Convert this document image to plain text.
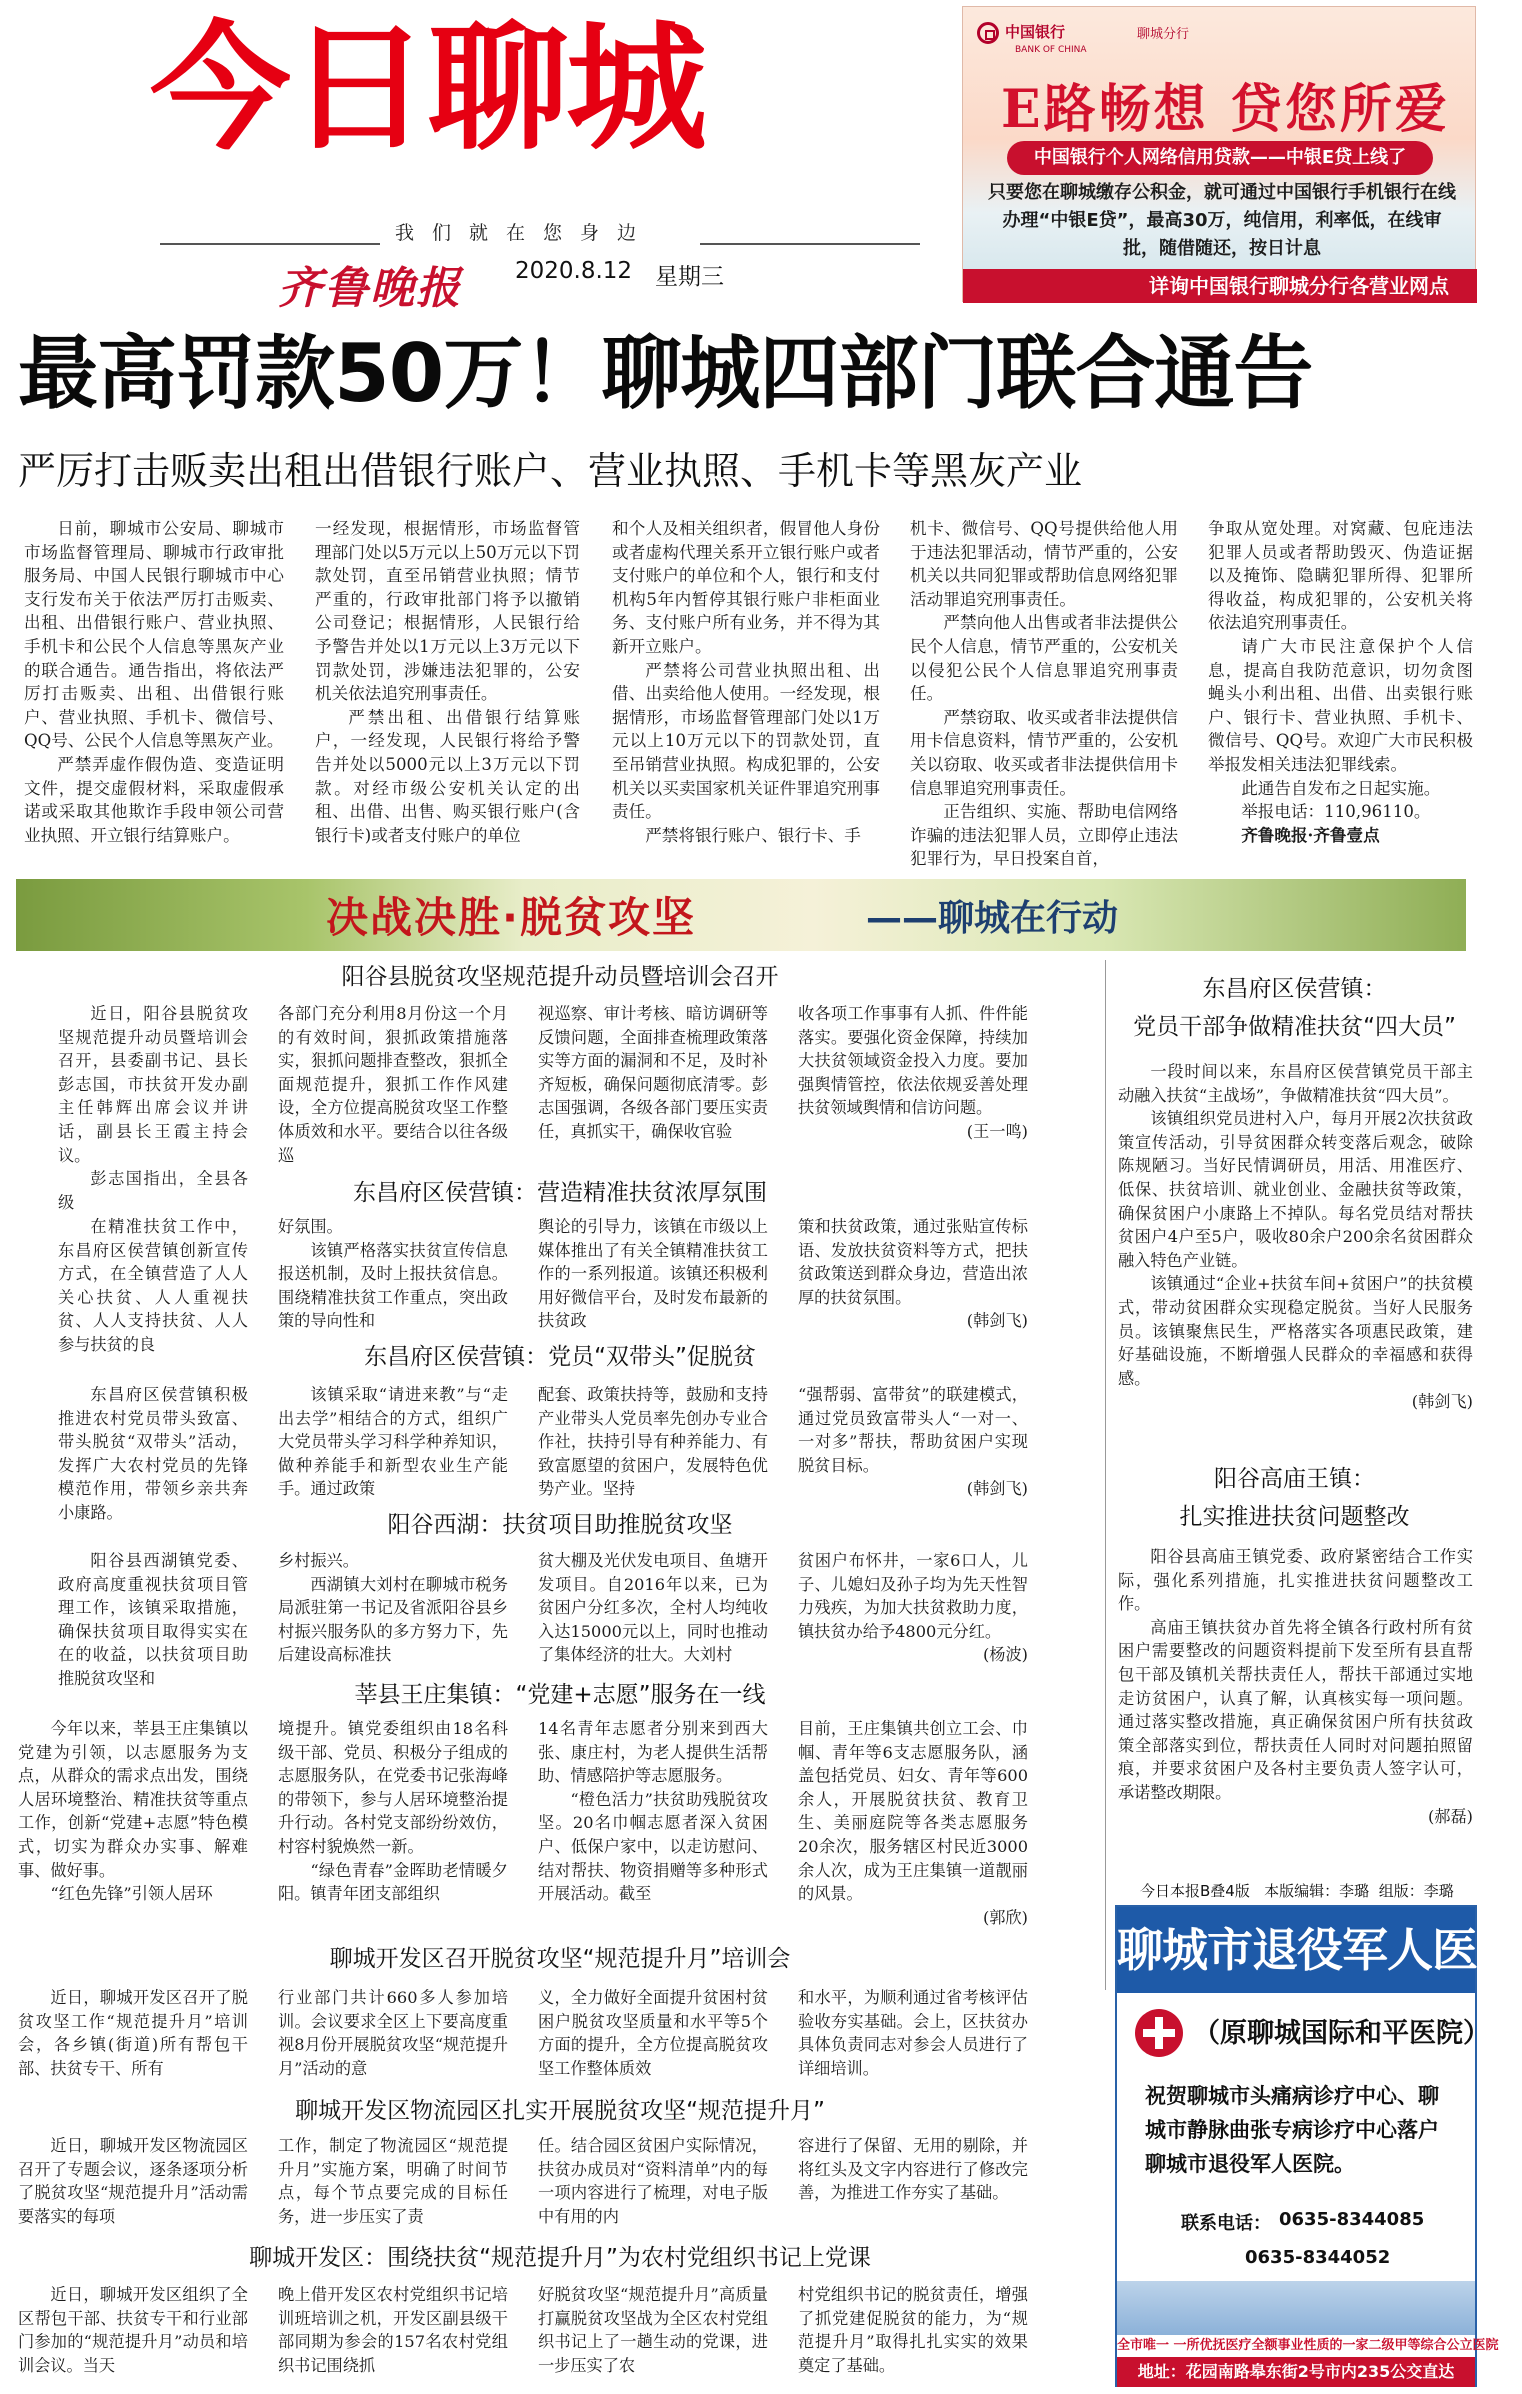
今日聊城
我们就在您身边
齐鲁晚报 2020.8.12 星期三
中国银行	聊城分行
BANK OF CHINA
E路畅想 贷您所爱
中国银行个人网络信用贷款——中银E贷上线了
只要您在聊城缴存公积金，就可通过中国银行手机银行在线办理“中银E贷”，最高30万，纯信用，利率低，在线审批，随借随还，按日计息
详询中国银行聊城分行各营业网点
最高罚款50万！聊城四部门联合通告
严厉打击贩卖出租出借银行账户、营业执照、手机卡等黑灰产业

日前，聊城市公安局、聊城市市场监督管理局、聊城市行政审批服务局、中国人民银行聊城市中心支行发布关于依法严厉打击贩卖、出租、出借银行账户、营业执照、手机卡和公民个人信息等黑灰产业的联合通告。通告指出，将依法严厉打击贩卖、出租、出借银行账户、营业执照、手机卡、微信号、QQ号、公民个人信息等黑灰产业。

严禁弄虚作假伪造、变造证明文件，提交虚假材料，采取虚假承诺或采取其他欺诈手段申领公司营业执照、开立银行结算账户。

一经发现，根据情形，市场监督管理部门处以5万元以上50万元以下罚款处罚，直至吊销营业执照；情节严重的，行政审批部门将予以撤销公司登记；根据情形，人民银行给予警告并处以1万元以上3万元以下罚款处罚，涉嫌违法犯罪的，公安机关依法追究刑事责任。

严禁出租、出借银行结算账户，一经发现，人民银行将给予警告并处以5000元以上3万元以下罚款。对经市级公安机关认定的出租、出借、出售、购买银行账户(含银行卡)或者支付账户的单位

和个人及相关组织者，假冒他人身份或者虚构代理关系开立银行账户或者支付账户的单位和个人，银行和支付机构5年内暂停其银行账户非柜面业务、支付账户所有业务，并不得为其新开立账户。

严禁将公司营业执照出租、出借、出卖给他人使用。一经发现，根据情形，市场监督管理部门处以1万元以上10万元以下的罚款处罚，直至吊销营业执照。构成犯罪的，公安机关以买卖国家机关证件罪追究刑事责任。

严禁将银行账户、银行卡、手

机卡、微信号、QQ号提供给他人用于违法犯罪活动，情节严重的，公安机关以共同犯罪或帮助信息网络犯罪活动罪追究刑事责任。

严禁向他人出售或者非法提供公民个人信息，情节严重的，公安机关以侵犯公民个人信息罪追究刑事责任。

严禁窃取、收买或者非法提供信用卡信息资料，情节严重的，公安机关以窃取、收买或者非法提供信用卡信息罪追究刑事责任。

正告组织、实施、帮助电信网络诈骗的违法犯罪人员，立即停止违法犯罪行为，早日投案自首，

争取从宽处理。对窝藏、包庇违法犯罪人员或者帮助毁灭、伪造证据以及掩饰、隐瞒犯罪所得、犯罪所得收益，构成犯罪的，公安机关将依法追究刑事责任。

请广大市民注意保护个人信息，提高自我防范意识，切勿贪图蝇头小利出租、出借、出卖银行账户、银行卡、营业执照、手机卡、微信号、QQ号。欢迎广大市民积极举报发相关违法犯罪线索。

此通告自发布之日起实施。

举报电话：110,96110。

齐鲁晚报·齐鲁壹点

决战决胜·脱贫攻坚	——聊城在行动
阳谷县脱贫攻坚规范提升动员暨培训会召开

近日，阳谷县脱贫攻坚规范提升动员暨培训会召开，县委副书记、县长彭志国，市扶贫开发办副主任韩辉出席会议并讲话，副县长王霞主持会议。

彭志国指出，全县各级

各部门充分利用8月份这一个月的有效时间，狠抓政策措施落实，狠抓问题排查整改，狠抓全面规范提升，狠抓工作作风建设，全方位提高脱贫攻坚工作整体质效和水平。要结合以往各级巡

视巡察、审计考核、暗访调研等反馈问题，全面排查梳理政策落实等方面的漏洞和不足，及时补齐短板，确保问题彻底清零。彭志国强调，各级各部门要压实责任，真抓实干，确保收官验

收各项工作事事有人抓、件件能落实。要强化资金保障，持续加大扶贫领域资金投入力度。要加强舆情管控，依法依规妥善处理扶贫领域舆情和信访问题。

(王一鸣)

东昌府区侯营镇：营造精准扶贫浓厚氛围

在精准扶贫工作中，东昌府区侯营镇创新宣传方式，在全镇营造了人人关心扶贫、人人重视扶贫、人人支持扶贫、人人参与扶贫的良

好氛围。

该镇严格落实扶贫宣传信息报送机制，及时上报扶贫信息。围绕精准扶贫工作重点，突出政策的导向性和

舆论的引导力，该镇在市级以上媒体推出了有关全镇精准扶贫工作的一系列报道。该镇还积极利用好微信平台，及时发布最新的扶贫政

策和扶贫政策，通过张贴宣传标语、发放扶贫资料等方式，把扶贫政策送到群众身边，营造出浓厚的扶贫氛围。

(韩剑飞)

东昌府区侯营镇：党员“双带头”促脱贫

东昌府区侯营镇积极推进农村党员带头致富、带头脱贫“双带头”活动，发挥广大农村党员的先锋模范作用，带领乡亲共奔小康路。

该镇采取“请进来教”与“走出去学”相结合的方式，组织广大党员带头学习科学种养知识，做种养能手和新型农业生产能手。通过政策

配套、政策扶持等，鼓励和支持产业带头人党员率先创办专业合作社，扶持引导有种养能力、有致富愿望的贫困户，发展特色优势产业。坚持

“强帮弱、富带贫”的联建模式，通过党员致富带头人“一对一、一对多”帮扶，帮助贫困户实现脱贫目标。

(韩剑飞)

阳谷西湖：扶贫项目助推脱贫攻坚

阳谷县西湖镇党委、政府高度重视扶贫项目管理工作，该镇采取措施，确保扶贫项目取得实实在在的收益，以扶贫项目助推脱贫攻坚和

乡村振兴。

西湖镇大刘村在聊城市税务局派驻第一书记及省派阳谷县乡村振兴服务队的多方努力下，先后建设高标准扶

贫大棚及光伏发电项目、鱼塘开发项目。自2016年以来，已为贫困户分红多次，全村人均纯收入达15000元以上，同时也推动了集体经济的壮大。大刘村

贫困户布怀井，一家6口人，儿子、儿媳妇及孙子均为先天性智力残疾，为加大扶贫救助力度，镇扶贫办给予4800元分红。

(杨波)

莘县王庄集镇：“党建+志愿”服务在一线

今年以来，莘县王庄集镇以党建为引领，以志愿服务为支点，从群众的需求点出发，围绕人居环境整治、精准扶贫等重点工作，创新“党建+志愿”特色模式，切实为群众办实事、解难事、做好事。

“红色先锋”引领人居环

境提升。镇党委组织由18名科级干部、党员、积极分子组成的志愿服务队，在党委书记张海峰的带领下，参与人居环境整治提升行动。各村党支部纷纷效仿，村容村貌焕然一新。

“绿色青春”金晖助老情暖夕阳。镇青年团支部组织

14名青年志愿者分别来到西大张、康庄村，为老人提供生活帮助、情感陪护等志愿服务。

“橙色活力”扶贫助残脱贫攻坚。20名巾帼志愿者深入贫困户、低保户家中，以走访慰问、结对帮扶、物资捐赠等多种形式开展活动。截至

目前，王庄集镇共创立工会、巾帼、青年等6支志愿服务队，涵盖包括党员、妇女、青年等600余人，开展脱贫扶贫、教育卫生、美丽庭院等各类志愿服务20余次，服务辖区村民近3000余人次，成为王庄集镇一道靓丽的风景。

(郭欣)

聊城开发区召开脱贫攻坚“规范提升月”培训会

近日，聊城开发区召开了脱贫攻坚工作“规范提升月”培训会，各乡镇(街道)所有帮包干部、扶贫专干、所有

行业部门共计660多人参加培训。会议要求全区上下要高度重视8月份开展脱贫攻坚“规范提升月”活动的意

义，全力做好全面提升贫困村贫困户脱贫攻坚质量和水平等5个方面的提升，全方位提高脱贫攻坚工作整体质效

和水平，为顺利通过省考核评估验收夯实基础。会上，区扶贫办具体负责同志对参会人员进行了详细培训。

聊城开发区物流园区扎实开展脱贫攻坚“规范提升月”

近日，聊城开发区物流园区召开了专题会议，逐条逐项分析了脱贫攻坚“规范提升月”活动需要落实的每项

工作，制定了物流园区“规范提升月”实施方案，明确了时间节点，每个节点要完成的目标任务，进一步压实了责

任。结合园区贫困户实际情况，扶贫办成员对“资料清单”内的每一项内容进行了梳理，对电子版中有用的内

容进行了保留、无用的剔除，并将红头及文字内容进行了修改完善，为推进工作夯实了基础。

聊城开发区：围绕扶贫“规范提升月”为农村党组织书记上党课

近日，聊城开发区组织了全区帮包干部、扶贫专干和行业部门参加的“规范提升月”动员和培训会议。当天

晚上借开发区农村党组织书记培训班培训之机，开发区副县级干部同期为参会的157名农村党组织书记围绕抓

好脱贫攻坚“规范提升月”高质量打赢脱贫攻坚战为全区农村党组织书记上了一趟生动的党课，进一步压实了农

村党组织书记的脱贫责任，增强了抓党建促脱贫的能力，为“规范提升月”取得扎扎实实的效果奠定了基础。

东昌府区侯营镇：
党员干部争做精准扶贫“四大员”

一段时间以来，东昌府区侯营镇党员干部主动融入扶贫“主战场”，争做精准扶贫“四大员”。

该镇组织党员进村入户，每月开展2次扶贫政策宣传活动，引导贫困群众转变落后观念，破除陈规陋习。当好民情调研员，用活、用准医疗、低保、扶贫培训、就业创业、金融扶贫等政策，确保贫困户小康路上不掉队。每名党员结对帮扶贫困户4户至5户，吸收80余户200余名贫困群众融入特色产业链。

该镇通过“企业+扶贫车间+贫困户”的扶贫模式，带动贫困群众实现稳定脱贫。当好人民服务员。该镇聚焦民生，严格落实各项惠民政策，建好基础设施，不断增强人民群众的幸福感和获得感。

(韩剑飞)

阳谷高庙王镇：
扎实推进扶贫问题整改

阳谷县高庙王镇党委、政府紧密结合工作实际，强化系列措施，扎实推进扶贫问题整改工作。

高庙王镇扶贫办首先将全镇各行政村所有贫困户需要整改的问题资料提前下发至所有县直帮包干部及镇机关帮扶责任人，帮扶干部通过实地走访贫困户，认真了解，认真核实每一项问题。通过落实整改措施，真正确保贫困户所有扶贫政策全部落实到位，帮扶责任人同时对问题拍照留痕，并要求贫困户及各村主要负责人签字认可，承诺整改期限。

(郝磊)

今日本报B叠4版 本版编辑：李璐 组版：李璐
聊城市退役军人医院
（原聊城国际和平医院）
祝贺聊城市头痛病诊疗中心、聊城市静脉曲张专病诊疗中心落户聊城市退役军人医院。
联系电话： 0635-8344085
0635-8344052
全市唯一 一所优抚医疗全额事业性质的一家二级甲等综合公立医院
地址：花园南路皋东街2号市内235公交直达
